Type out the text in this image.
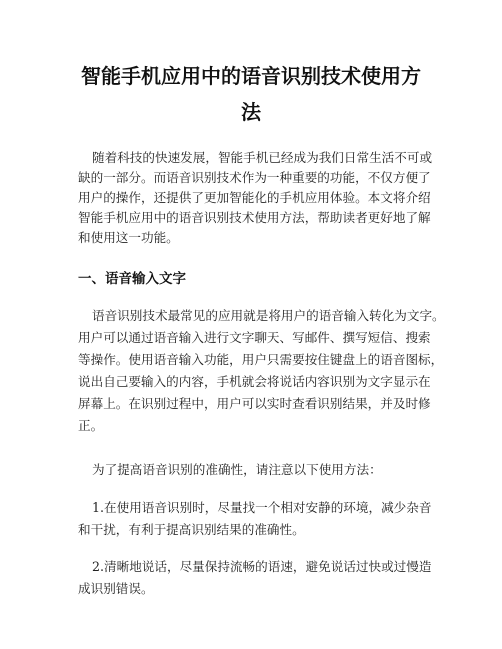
智能手机应用中的语音识别技术使用方
法
随着科技的快速发展，智能手机已经成为我们日常生活不可或
缺的一部分。而语音识别技术作为一种重要的功能，不仅方便了
用户的操作，还提供了更加智能化的手机应用体验。本文将介绍
智能手机应用中的语音识别技术使用方法，帮助读者更好地了解
和使用这一功能。
一、语音输入文字
语音识别技术最常见的应用就是将用户的语音输入转化为文字。
用户可以通过语音输入进行文字聊天、写邮件、撰写短信、搜索
等操作。使用语音输入功能，用户只需要按住键盘上的语音图标，
说出自己要输入的内容，手机就会将说话内容识别为文字显示在
屏幕上。在识别过程中，用户可以实时查看识别结果，并及时修
正。
为了提高语音识别的准确性，请注意以下使用方法：
1.在使用语音识别时，尽量找一个相对安静的环境，减少杂音
和干扰，有利于提高识别结果的准确性。
2.清晰地说话，尽量保持流畅的语速，避免说话过快或过慢造
成识别错误。
